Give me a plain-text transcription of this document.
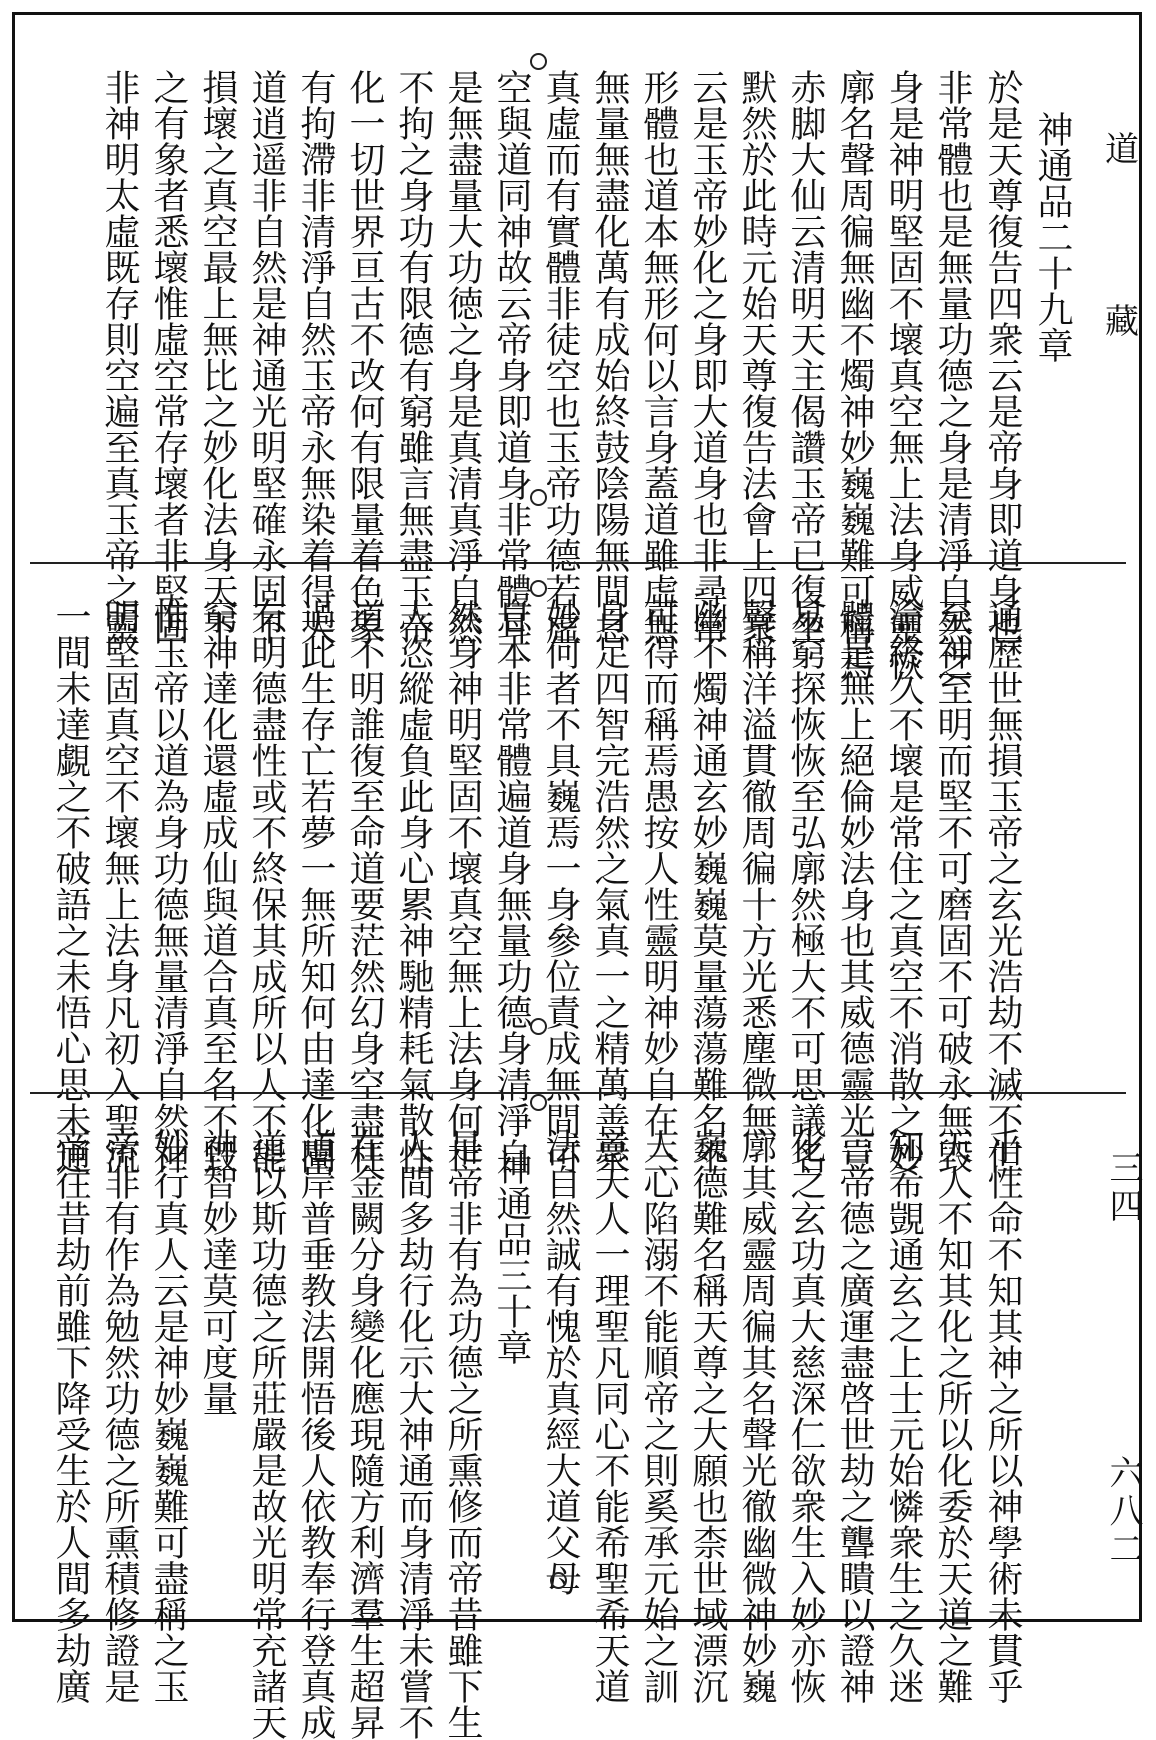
神通品二十九章
於是天尊復告四衆云是帝身即道身也
非常體也是無量功德之身是清淨自然之
身是神明堅固不壞真空無上法身威靈恢
廓名聲周徧無幽不燭神妙巍巍難可稱焉
赤脚大仙云清明天主偈讚玉帝已復坐
默然於此時元始天尊復告法會上四衆
云是玉帝妙化之身即大道身也非尋常
形體也道本無形何以言身蓋道雖虛無
無量無盡化萬有成始終鼓陰陽無間息
真虛而有實體非徒空也玉帝功德若虛
空與道同神故云帝身即道身非常體耳
是無盡量大功徳之身是真清真淨自然
不拘之身功有限德有窮雖言無盡玉帝
化一切世界亘古不改何有限量着色象
有拘滯非清淨自然玉帝永無染着得大
道逍遥非自然是神通光明堅確永固不
損壞之真空最上無比之妙化法身天下
之有象者悉壞惟虛空常存壞者非堅固
非神明太虛既存則空遍至真玉帝之靈
通歷世無損玉帝之玄光浩劫不滅不但
至神至明而堅不可磨固不可破永無毀
淪終久不壞是常住之真空不消散之妙
體是無上絕倫妙法身也其威德靈光豈
易窮探恢恢至弘廓然極大不可思議名
聲稱洋溢貫徹周徧十方光悉塵微無
幽不燭神通玄妙巍巍莫量蕩蕩難名不
可得而稱焉愚按人性靈明神妙自在三
身足四智完浩然之氣真一之精萬善衆
妙何者不具巍焉一身參位責成無間可
息本非常體遍道身無量功德身清淨自
然身神明堅固不壞真空無上法身何世
人恣縱虛負此身心累神馳精耗氣散性
道不明誰復至命道要茫然幻身空盡枉
過此生存亡若夢一無所知何由達化闡
有明德盡性或不終保其成所以人不能
窮神達化還虛成仙與道合真至名不毀
惟玉帝以道為身功德無量清淨自然神
明堅固真空不壞無上法身凡初入聖流
一間未達覷之不破語之未悟心思未通
乎性命不知其神之所以神學術未貫乎
天人不知其化之所以化委於天道之難
知希覬通玄之上士元始憐衆生之久迷
言帝德之廣運盡啓世劫之聾瞶以證神
化之玄功真大慈深仁欲衆生入妙亦恢
廓其威靈周徧其名聲光徹幽微神妙巍
巍德難名稱天尊之大願也柰世域漂沉
人心陷溺不能順帝之則奚承元始之訓
意天人一理聖凡同心不能希聖希天道
法自然誠有愧於真經大道父母
神通品三十章
是帝非有為功德之所熏修而帝昔雖下生
人間多劫行化示大神通而身清淨未嘗不
在金闕分身變化應現隨方利濟羣生超昇
道岸普垂教法開悟後人依教奉行登真成
道以斯功德之所莊嚴是故光明常充諸天
神智妙達莫可度量
妙行真人云是神妙巍巍難可盡稱之玉
帝非有作為勉然功德之所熏積修證是
帝往昔劫前雖下降受生於人間多劫廣
道
藏
三四
六八二
